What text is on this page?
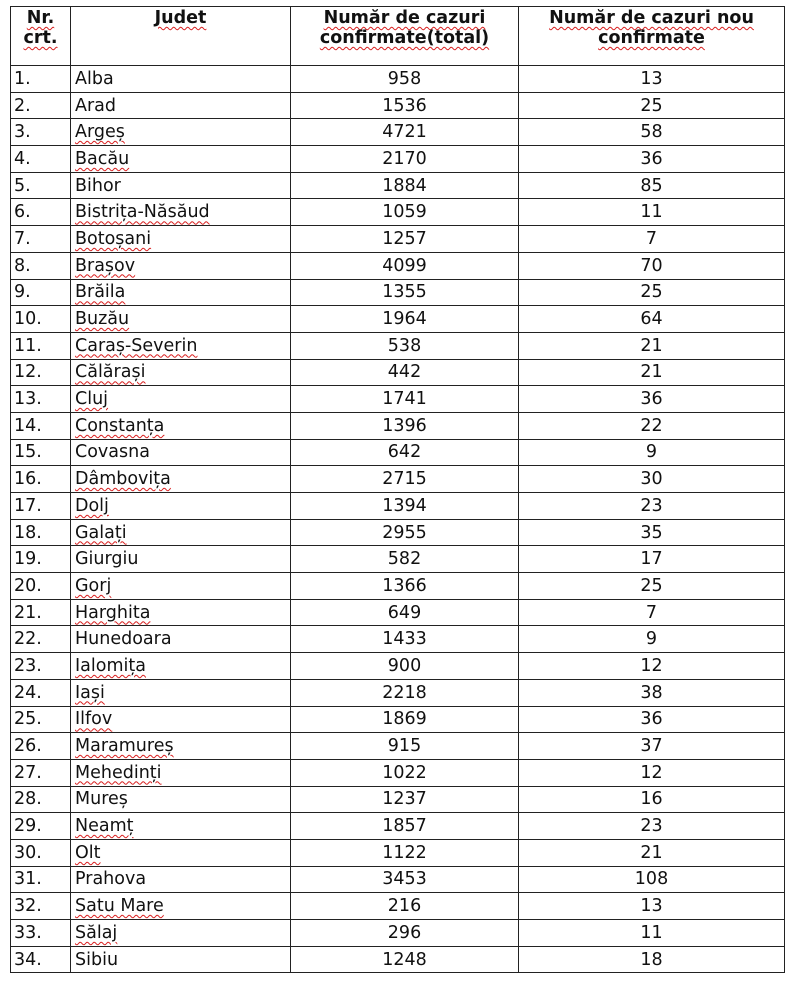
Nr. crt.	Judet	Număr de cazuri confirmate(total)	Număr de cazuri nou confirmate
1.	Alba	958	13
2.	Arad	1536	25
3.	Argeș	4721	58
4.	Bacău	2170	36
5.	Bihor	1884	85
6.	Bistrița-Năsăud	1059	11
7.	Botoșani	1257	7
8.	Brașov	4099	70
9.	Brăila	1355	25
10.	Buzău	1964	64
11.	Caraș-Severin	538	21
12.	Călărași	442	21
13.	Cluj	1741	36
14.	Constanța	1396	22
15.	Covasna	642	9
16.	Dâmbovița	2715	30
17.	Dolj	1394	23
18.	Galați	2955	35
19.	Giurgiu	582	17
20.	Gorj	1366	25
21.	Harghita	649	7
22.	Hunedoara	1433	9
23.	Ialomița	900	12
24.	Iași	2218	38
25.	Ilfov	1869	36
26.	Maramureș	915	37
27.	Mehedinți	1022	12
28.	Mureș	1237	16
29.	Neamț	1857	23
30.	Olt	1122	21
31.	Prahova	3453	108
32.	Satu Mare	216	13
33.	Sălaj	296	11
34.	Sibiu	1248	18
